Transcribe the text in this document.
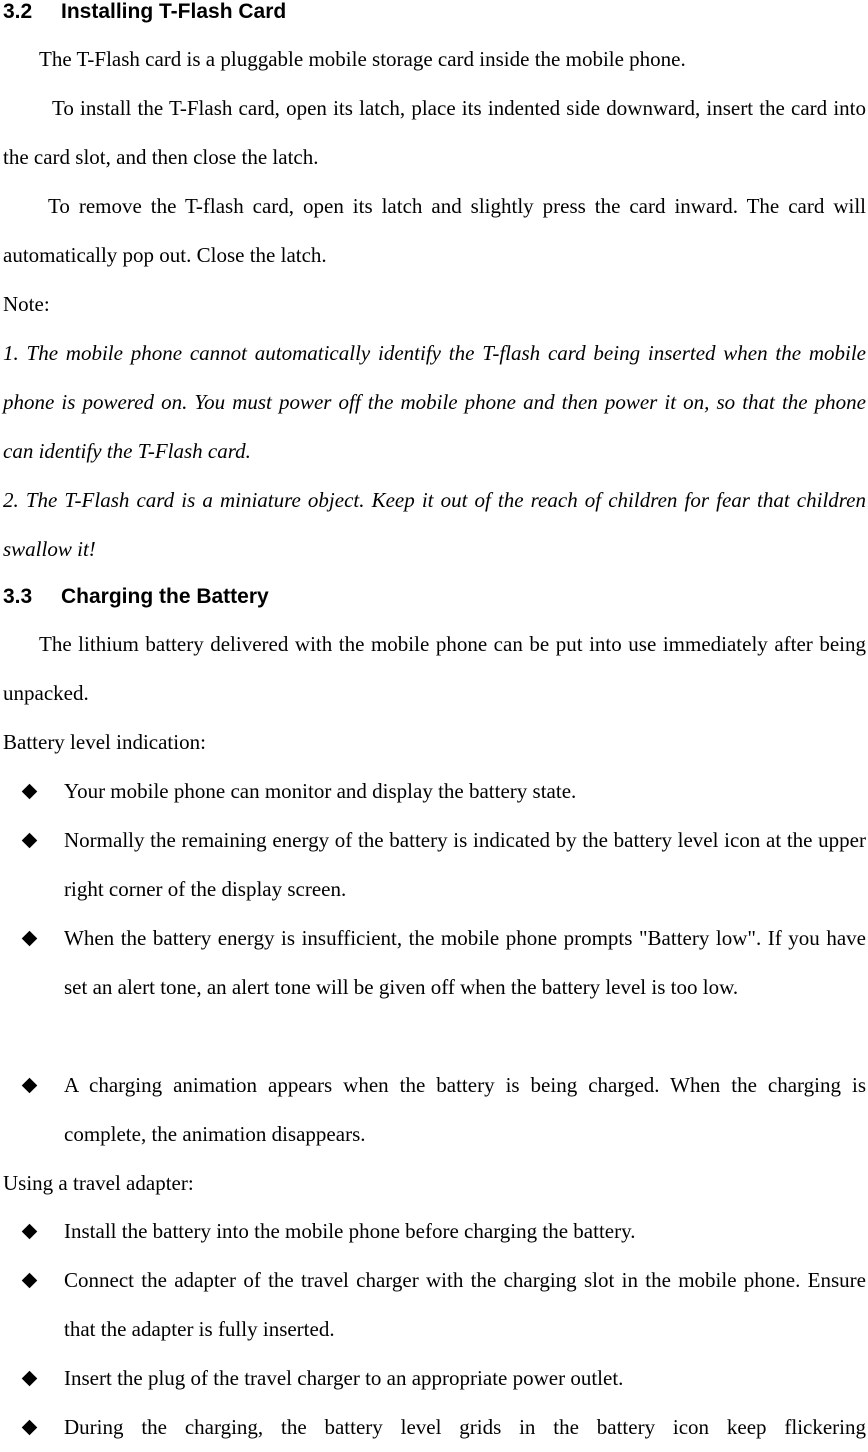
3.2 Installing T-Flash Card

The T-Flash card is a pluggable mobile storage card inside the mobile phone.

To install the T-Flash card, open its latch, place its indented side downward, insert the card into the card slot, and then close the latch.

To remove the T-flash card, open its latch and slightly press the card inward. The card will automatically pop out. Close the latch.

Note:

1. The mobile phone cannot automatically identify the T-flash card being inserted when the mobile phone is powered on. You must power off the mobile phone and then power it on, so that the phone can identify the T-Flash card.

2. The T-Flash card is a miniature object. Keep it out of the reach of children for fear that children swallow it!

3.3 Charging the Battery

The lithium battery delivered with the mobile phone can be put into use immediately after being unpacked.

Battery level indication:

Your mobile phone can monitor and display the battery state.

Normally the remaining energy of the battery is indicated by the battery level icon at the upper right corner of the display screen.

When the battery energy is insufficient, the mobile phone prompts "Battery low". If you have set an alert tone, an alert tone will be given off when the battery level is too low.

A charging animation appears when the battery is being charged. When the charging is complete, the animation disappears.

Using a travel adapter:

Install the battery into the mobile phone before charging the battery.

Connect the adapter of the travel charger with the charging slot in the mobile phone. Ensure that the adapter is fully inserted.

Insert the plug of the travel charger to an appropriate power outlet.

During the charging, the battery level grids in the battery icon keep flickering
